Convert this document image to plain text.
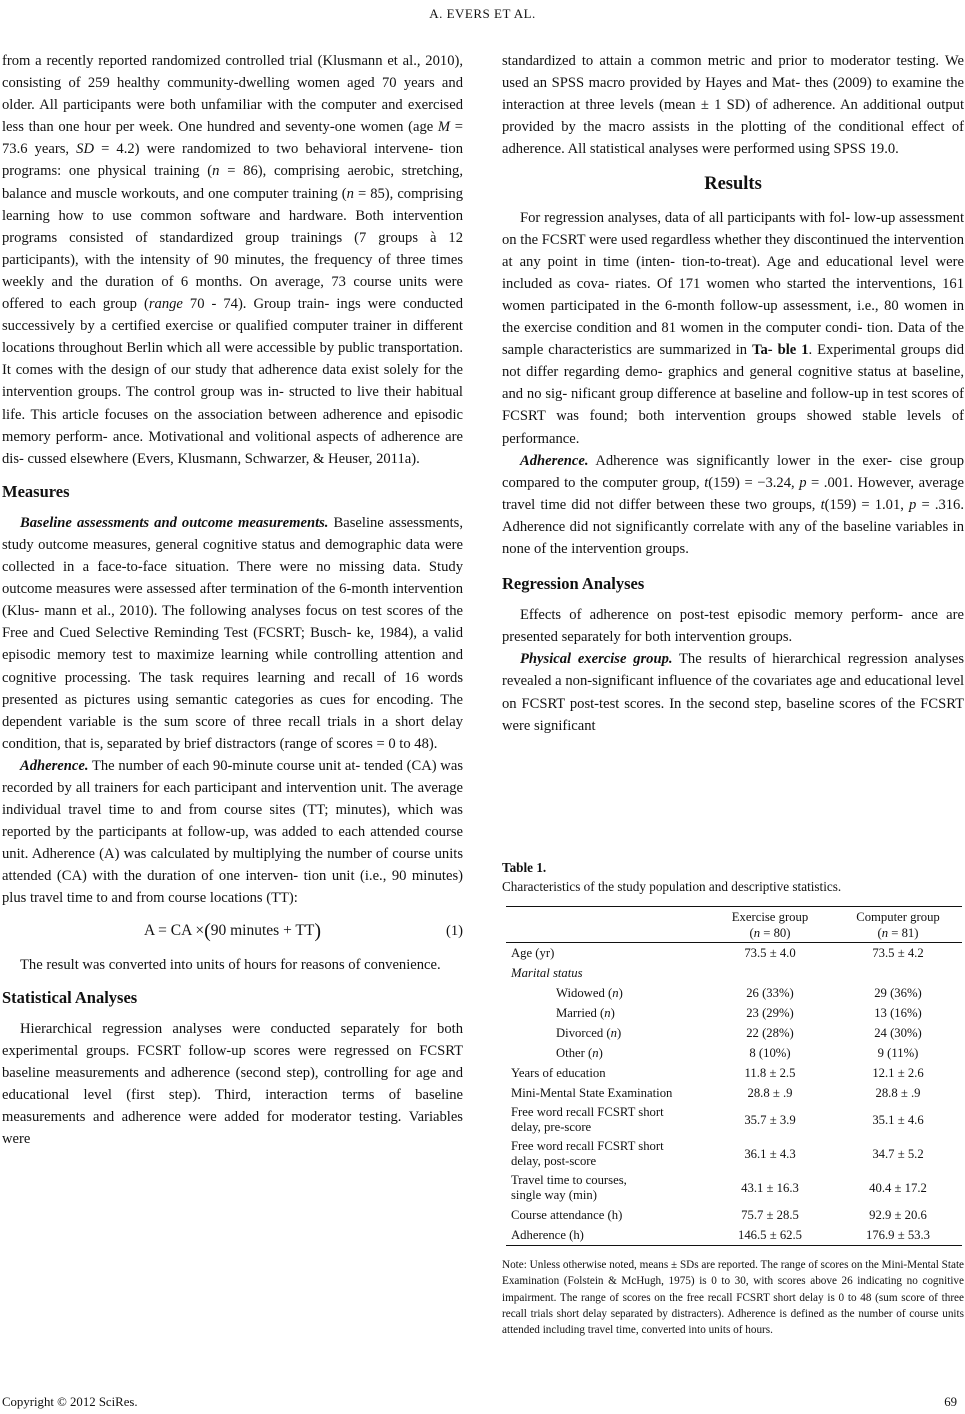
A. EVERS ET AL.

from a recently reported randomized controlled trial (Klusmann et al., 2010), consisting of 259 healthy community-dwelling women aged 70 years and older. All participants were both unfamiliar with the computer and exercised less than one hour per week. One hundred and seventy-one women (age M = 73.6 years, SD = 4.2) were randomized to two behavioral intervene- tion programs: one physical training (n = 86), comprising aerobic, stretching, balance and muscle workouts, and one computer training (n = 85), comprising learning how to use common software and hardware. Both intervention programs consisted of standardized group trainings (7 groups à 12 participants), with the intensity of 90 minutes, the frequency of three times weekly and the duration of 6 months. On average, 73 course units were offered to each group (range 70 - 74). Group train- ings were conducted successively by a certified exercise or qualified computer trainer in different locations throughout Berlin which all were accessible by public transportation. It comes with the design of our study that adherence data exist solely for the intervention groups. The control group was in- structed to live their habitual life. This article focuses on the association between adherence and episodic memory perform- ance. Motivational and volitional aspects of adherence are dis- cussed elsewhere (Evers, Klusmann, Schwarzer, & Heuser, 2011a).

Measures

Baseline assessments and outcome measurements. Baseline assessments, study outcome measures, general cognitive status and demographic data were collected in a face-to-face situation. There were no missing data. Study outcome measures were assessed after termination of the 6-month intervention (Klus- mann et al., 2010). The following analyses focus on test scores of the Free and Cued Selective Reminding Test (FCSRT; Busch- ke, 1984), a valid episodic memory test to maximize learning while controlling attention and cognitive processing. The task requires learning and recall of 16 words presented as pictures using semantic categories as cues for encoding. The dependent variable is the sum score of three recall trials in a short delay condition, that is, separated by brief distractors (range of scores = 0 to 48).

Adherence. The number of each 90-minute course unit at- tended (CA) was recorded by all trainers for each participant and intervention unit. The average individual travel time to and from course sites (TT; minutes), which was reported by the participants at follow-up, was added to each attended course unit. Adherence (A) was calculated by multiplying the number of course units attended (CA) with the duration of one interven- tion unit (i.e., 90 minutes) plus travel time to and from course locations (TT):

A = CA ×(90 minutes + TT)	(1)

The result was converted into units of hours for reasons of convenience.

Statistical Analyses

Hierarchical regression analyses were conducted separately for both experimental groups. FCSRT follow-up scores were regressed on FCSRT baseline measurements and adherence (second step), controlling for age and educational level (first step). Third, interaction terms of baseline measurements and adherence were added for moderator testing. Variables were

standardized to attain a common metric and prior to moderator testing. We used an SPSS macro provided by Hayes and Mat- thes (2009) to examine the interaction at three levels (mean ± 1 SD) of adherence. An additional output provided by the macro assists in the plotting of the conditional effect of adherence. All statistical analyses were performed using SPSS 19.0.

Results

For regression analyses, data of all participants with fol- low-up assessment on the FCSRT were used regardless whether they discontinued the intervention at any point in time (inten- tion-to-treat). Age and educational level were included as cova- riates. Of 171 women who started the interventions, 161 women participated in the 6-month follow-up assessment, i.e., 80 women in the exercise condition and 81 women in the computer condi- tion. Data of the sample characteristics are summarized in Ta- ble 1. Experimental groups did not differ regarding demo- graphics and general cognitive status at baseline, and no sig- nificant group difference at baseline and follow-up in test scores of FCSRT was found; both intervention groups showed stable levels of performance.

Adherence. Adherence was significantly lower in the exer- cise group compared to the computer group, t(159) = −3.24, p = .001. However, average travel time did not differ between these two groups, t(159) = 1.01, p = .316. Adherence did not significantly correlate with any of the baseline variables in none of the intervention groups.

Regression Analyses

Effects of adherence on post-test episodic memory perform- ance are presented separately for both intervention groups.

Physical exercise group. The results of hierarchical regression analyses revealed a non-significant influence of the covariates age and educational level on FCSRT post-test scores. In the second step, baseline scores of the FCSRT were significant

Table 1.
Characteristics of the study population and descriptive statistics.
Exercise group
(n = 80)
Computer group
(n = 81)
Age (yr)	73.5 ± 4.0	73.5 ± 4.2
Marital status
Widowed (n)	26 (33%)	29 (36%)
Married (n)	23 (29%)	13 (16%)
Divorced (n)	22 (28%)	24 (30%)
Other (n)	8 (10%)	9 (11%)
Years of education	11.8 ± 2.5	12.1 ± 2.6
Mini-Mental State Examination	28.8 ± .9	28.8 ± .9
Free word recall FCSRT short
delay, pre-score
35.7 ± 3.9	35.1 ± 4.6
Free word recall FCSRT short
delay, post-score
36.1 ± 4.3	34.7 ± 5.2
Travel time to courses,
single way (min)
43.1 ± 16.3	40.4 ± 17.2
Course attendance (h)	75.7 ± 28.5	92.9 ± 20.6
Adherence (h)	146.5 ± 62.5	176.9 ± 53.3
Note: Unless otherwise noted, means ± SDs are reported. The range of scores on the Mini-Mental State Examination (Folstein & McHugh, 1975) is 0 to 30, with scores above 26 indicating no cognitive impairment. The range of scores on the free recall FCSRT short delay is 0 to 48 (sum score of three recall trials short delay separated by distracters). Adherence is defined as the number of course units attended including travel time, converted into units of hours.
Copyright © 2012 SciRes.	69
